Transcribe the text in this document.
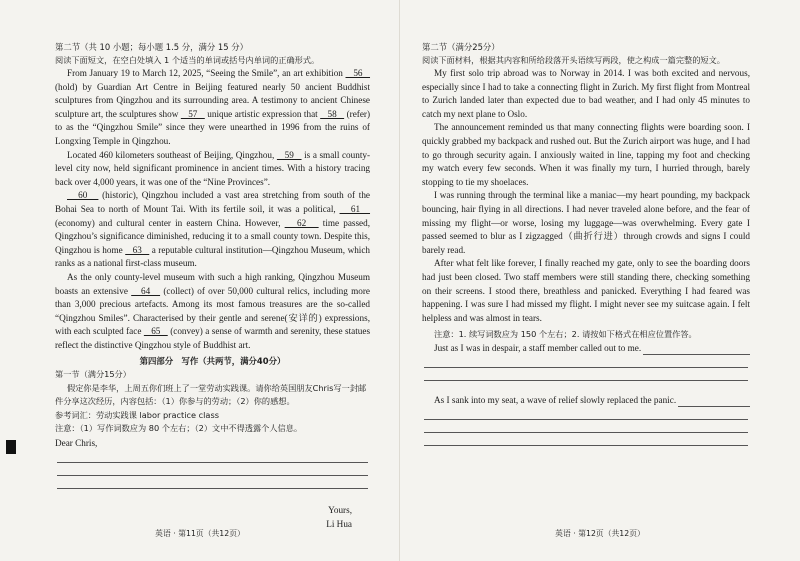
第二节（共 10 小题；每小题 1.5 分，满分 15 分）

阅读下面短文，在空白处填入 1 个适当的单词或括号内单词的正确形式。

From January 19 to March 12, 2025, “Seeing the Smile”, an art exhibition    56    (hold) by Guardian Art Centre in Beijing featured nearly 50 ancient Buddhist sculptures from Qingzhou and its surrounding area. A testimony to ancient Chinese sculpture art, the sculptures show    57    unique artistic expression that    58    (refer) to as the “Qingzhou Smile” since they were unearthed in 1996 from the ruins of Longxing Temple in Qingzhou.

Located 460 kilometers southeast of Beijing, Qingzhou,    59    is a small county-level city now, held significant prominence in ancient times. With a history tracing back over 4,000 years, it was one of the “Nine Provinces”.

60    (historic), Qingzhou included a vast area stretching from south of the Bohai Sea to north of Mount Tai. With its fertile soil, it was a political,    61    (economy) and cultural center in eastern China. However,    62    time passed, Qingzhou’s significance diminished, reducing it to a small county town. Despite this, Qingzhou is home    63    a reputable cultural institution—Qingzhou Museum, which ranks as a national first-class museum.

As the only county-level museum with such a high ranking, Qingzhou Museum boasts an extensive    64    (collect) of over 50,000 cultural relics, including more than 3,000 precious artefacts. Among its most famous treasures are the so-called “Qingzhou Smiles”. Characterised by their gentle and serene(安详的) expressions, with each sculpted face    65    (convey) a sense of warmth and serenity, these statues reflect the distinctive Qingzhou style of Buddhist art.

第四部分　写作（共两节，满分40分）

第一节（满分15分）

假定你是李华，上周五你们班上了一堂劳动实践课。请你给英国朋友Chris写一封邮件分享这次经历，内容包括：（1）你参与的劳动；（2）你的感想。

参考词汇：劳动实践课 labor practice class

注意：（1）写作词数应为 80 个左右；（2）文中不得透露个人信息。

Dear Chris,

Yours,

Li Hua

英语 · 第11页（共12页）

第二节（满分25分）

阅读下面材料，根据其内容和所给段落开头语续写两段，使之构成一篇完整的短文。

My first solo trip abroad was to Norway in 2014. I was both excited and nervous, especially since I had to take a connecting flight in Zurich. My first flight from Montreal to Zurich landed later than expected due to bad weather, and I had only 45 minutes to catch my next plane to Oslo.

The announcement reminded us that many connecting flights were boarding soon. I quickly grabbed my backpack and rushed out. But the Zurich airport was huge, and I had to go through security again. I anxiously waited in line, tapping my foot and checking my watch every few seconds. When it was finally my turn, I hurried through, barely stopping to tie my shoelaces.

I was running through the terminal like a maniac—my heart pounding, my backpack bouncing, hair flying in all directions. I had never traveled alone before, and the fear of missing my flight—or worse, losing my luggage—was overwhelming. Every gate I passed seemed to blur as I zigzagged（曲折行进）through crowds and signs I could barely read.

After what felt like forever, I finally reached my gate, only to see the boarding doors had just been closed. Two staff members were still standing there, checking something on their screens. I stood there, breathless and panicked. Everything I had feared was happening. I was sure I had missed my flight. I might never see my suitcase again. I felt helpless and was almost in tears.

注意：1. 续写词数应为 150 个左右；2. 请按如下格式在相应位置作答。

Just as I was in despair, a staff member called out to me.
As I sank into my seat, a wave of relief slowly replaced the panic.
英语 · 第12页（共12页）
